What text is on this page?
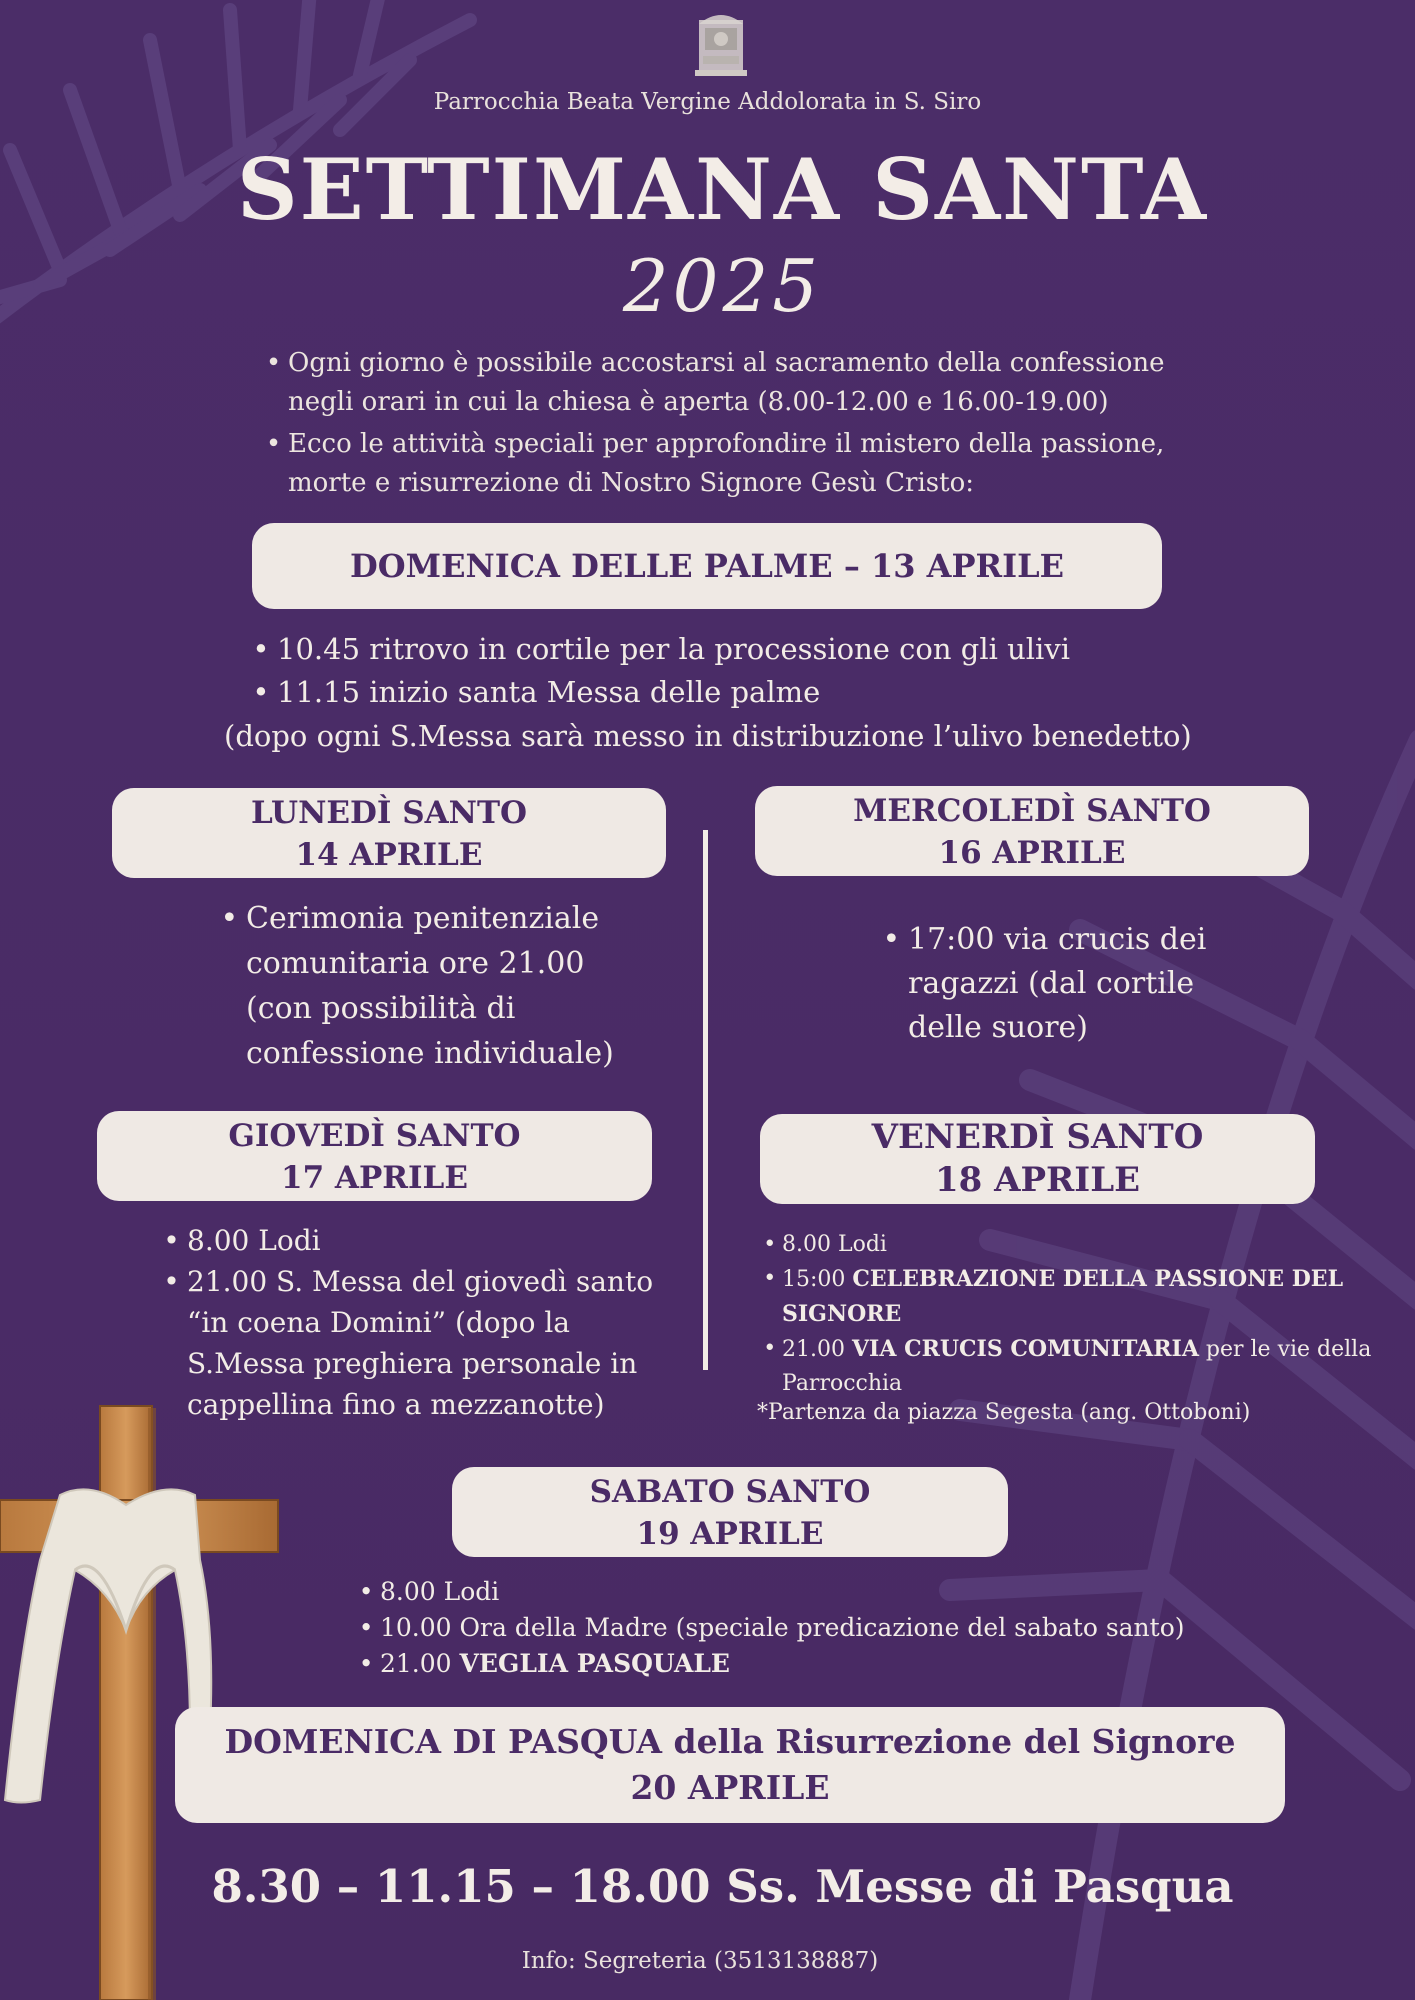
Parrocchia Beata Vergine Addolorata in S. Siro
SETTIMANA SANTA
2025
• Ogni giorno è possibile accostarsi al sacramento della confessione negli orari in cui la chiesa è aperta (8.00-12.00 e 16.00-19.00)
• Ecco le attività speciali per approfondire il mistero della passione, morte e risurrezione di Nostro Signore Gesù Cristo:
DOMENICA DELLE PALME – 13 APRILE
• 10.45 ritrovo in cortile per la processione con gli ulivi
• 11.15 inizio santa Messa delle palme
(dopo ogni S.Messa sarà messo in distribuzione l’ulivo benedetto)
LUNEDÌ SANTO
14 APRILE
• Cerimonia penitenziale comunitaria ore 21.00 (con possibilità di confessione individuale)
MERCOLEDÌ SANTO
16 APRILE
• 17:00 via crucis dei ragazzi (dal cortile delle suore)
GIOVEDÌ SANTO
17 APRILE
• 8.00 Lodi
• 21.00 S. Messa del giovedì santo “in coena Domini” (dopo la S.Messa preghiera personale in cappellina fino a mezzanotte)
VENERDÌ SANTO
18 APRILE
• 8.00 Lodi
• 15:00 CELEBRAZIONE DELLA PASSIONE DEL SIGNORE
• 21.00 VIA CRUCIS COMUNITARIA per le vie della Parrocchia
*Partenza da piazza Segesta (ang. Ottoboni)
SABATO SANTO
19 APRILE
• 8.00 Lodi
• 10.00 Ora della Madre (speciale predicazione del sabato santo)
• 21.00 VEGLIA PASQUALE
DOMENICA DI PASQUA della Risurrezione del Signore
20 APRILE
8.30 – 11.15 – 18.00 Ss. Messe di Pasqua
Info: Segreteria (3513138887)
